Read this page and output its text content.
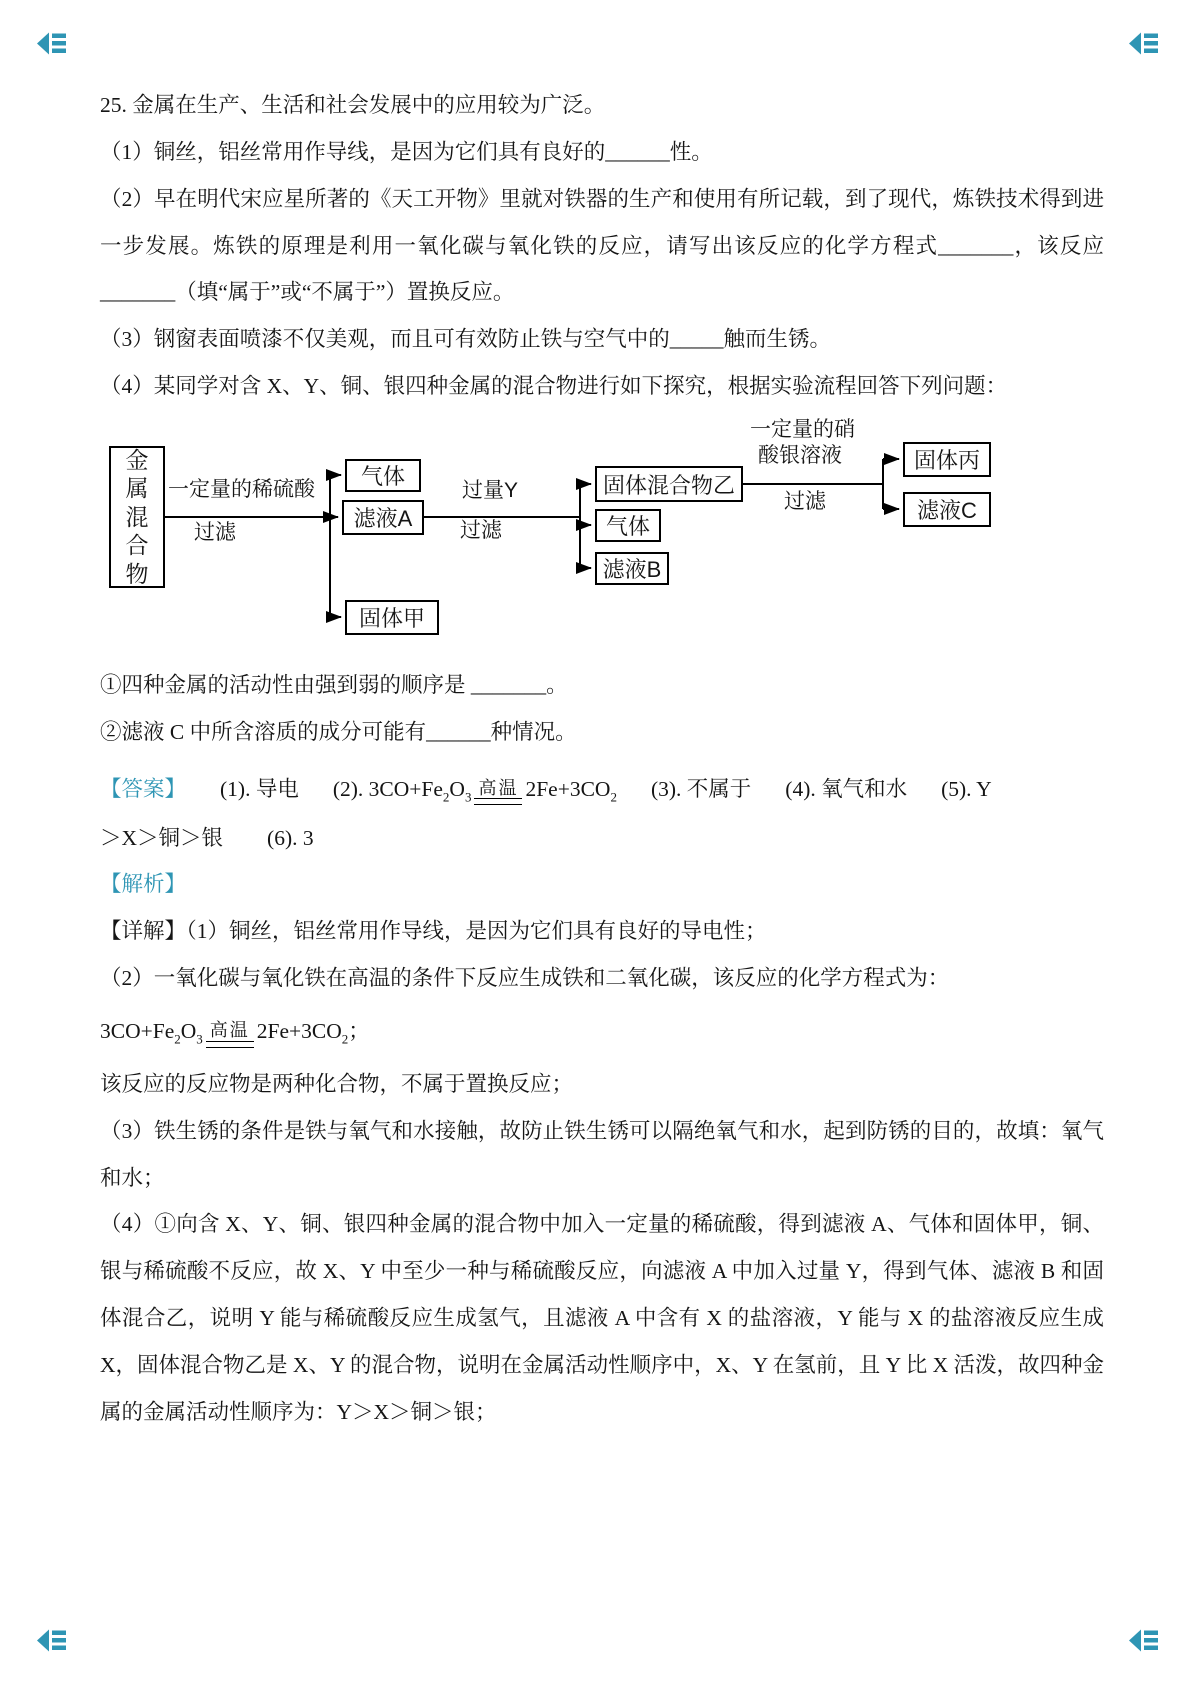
25. 金属在生产、生活和社会发展中的应用较为广泛。

（1）铜丝，铝丝常用作导线，是因为它们具有良好的______性。

（2）早在明代宋应星所著的《天工开物》里就对铁器的生产和使用有所记载，到了现代，炼铁技术得到进一步发展。炼铁的原理是利用一氧化碳与氧化铁的反应，请写出该反应的化学方程式_______，该反应_______（填“属于”或“不属于”）置换反应。

（3）钢窗表面喷漆不仅美观，而且可有效防止铁与空气中的_____触而生锈。

（4）某同学对含 X、Y、铜、银四种金属的混合物进行如下探究，根据实验流程回答下列问题：

金属混合物
气体
滤液A
固体甲
固体混合物乙
气体
滤液B
固体丙
滤液C
一定量的稀硫酸
过滤
过量Y
过滤
一定量的硝
酸银溶液
过滤

①四种金属的活动性由强到弱的顺序是 _______。

②滤液 C 中所含溶质的成分可能有______种情况。

【答案】 (1). 导电 (2). $3CO+Fe_2O_3$ 高温 $2Fe+3CO_2$ (3). 不属于 (4). 氧气和水 (5). Y
＞X＞铜＞银 (6). 3

【解析】

【详解】（1）铜丝，铝丝常用作导线，是因为它们具有良好的导电性；

（2）一氧化碳与氧化铁在高温的条件下反应生成铁和二氧化碳，该反应的化学方程式为：

$3CO+Fe_2O_3$ 高温 $2Fe+3CO_2$；

该反应的反应物是两种化合物，不属于置换反应；

（3）铁生锈的条件是铁与氧气和水接触，故防止铁生锈可以隔绝氧气和水，起到防锈的目的，故填：氧气和水；

（4）①向含 X、Y、铜、银四种金属的混合物中加入一定量的稀硫酸，得到滤液 A、气体和固体甲，铜、银与稀硫酸不反应，故 X、Y 中至少一种与稀硫酸反应，向滤液 A 中加入过量 Y，得到气体、滤液 B 和固体混合乙，说明 Y 能与稀硫酸反应生成氢气，且滤液 A 中含有 X 的盐溶液，Y 能与 X 的盐溶液反应生成 X，固体混合物乙是 X、Y 的混合物，说明在金属活动性顺序中，X、Y 在氢前，且 Y 比 X 活泼，故四种金属的金属活动性顺序为：Y＞X＞铜＞银；
